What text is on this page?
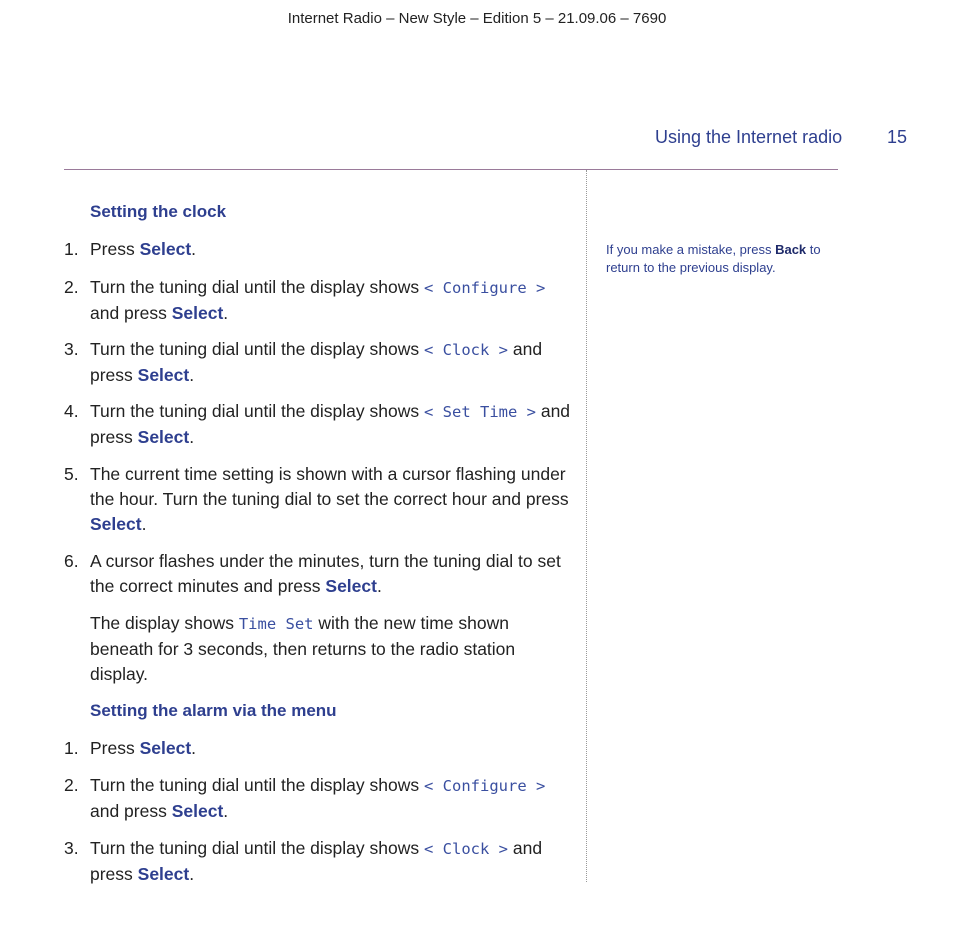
Internet Radio – New Style – Edition 5 – 21.09.06 – 7690
Using the Internet radio 15
Setting the clock
1. Press Select.
2. Turn the tuning dial until the display shows < Configure > and press Select.
3. Turn the tuning dial until the display shows < Clock > and press Select.
4. Turn the tuning dial until the display shows < Set Time > and press Select.
5. The current time setting is shown with a cursor flashing under the hour. Turn the tuning dial to set the correct hour and press Select.
6. A cursor flashes under the minutes, turn the tuning dial to set the correct minutes and press Select.
The display shows Time Set with the new time shown beneath for 3 seconds, then returns to the radio station display.
Setting the alarm via the menu
1. Press Select.
2. Turn the tuning dial until the display shows < Configure > and press Select.
3. Turn the tuning dial until the display shows < Clock > and press Select.
If you make a mistake, press Back to return to the previous display.
